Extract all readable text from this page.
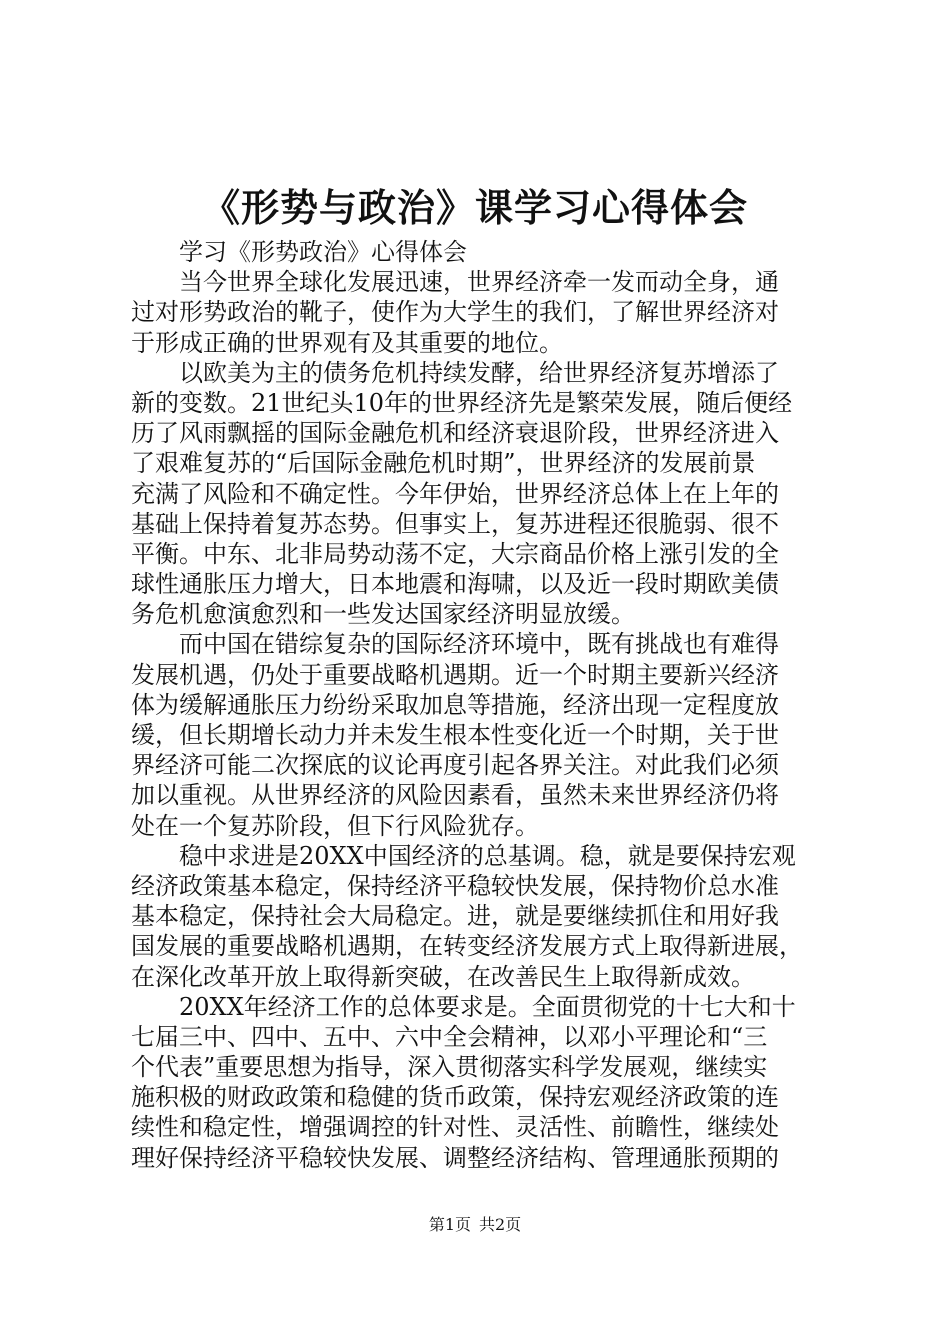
《形势与政治》课学习心得体会
学习《形势政治》心得体会
当今世界全球化发展迅速，世界经济牵一发而动全身，通
过对形势政治的靴子，使作为大学生的我们，了解世界经济对
于形成正确的世界观有及其重要的地位。
以欧美为主的债务危机持续发酵，给世界经济复苏增添了
新的变数。21世纪头10年的世界经济先是繁荣发展，随后便经
历了风雨飘摇的国际金融危机和经济衰退阶段，世界经济进入
了艰难复苏的“后国际金融危机时期”，世界经济的发展前景
充满了风险和不确定性。今年伊始，世界经济总体上在上年的
基础上保持着复苏态势。但事实上，复苏进程还很脆弱、很不
平衡。中东、北非局势动荡不定，大宗商品价格上涨引发的全
球性通胀压力增大，日本地震和海啸，以及近一段时期欧美债
务危机愈演愈烈和一些发达国家经济明显放缓。
而中国在错综复杂的国际经济环境中，既有挑战也有难得
发展机遇，仍处于重要战略机遇期。近一个时期主要新兴经济
体为缓解通胀压力纷纷采取加息等措施，经济出现一定程度放
缓，但长期增长动力并未发生根本性变化近一个时期，关于世
界经济可能二次探底的议论再度引起各界关注。对此我们必须
加以重视。从世界经济的风险因素看，虽然未来世界经济仍将
处在一个复苏阶段，但下行风险犹存。
稳中求进是20XX中国经济的总基调。稳，就是要保持宏观
经济政策基本稳定，保持经济平稳较快发展，保持物价总水准
基本稳定，保持社会大局稳定。进，就是要继续抓住和用好我
国发展的重要战略机遇期，在转变经济发展方式上取得新进展，
在深化改革开放上取得新突破，在改善民生上取得新成效。
20XX年经济工作的总体要求是。全面贯彻党的十七大和十
七届三中、四中、五中、六中全会精神，以邓小平理论和“三
个代表”重要思想为指导，深入贯彻落实科学发展观，继续实
施积极的财政政策和稳健的货币政策，保持宏观经济政策的连
续性和稳定性，增强调控的针对性、灵活性、前瞻性，继续处
理好保持经济平稳较快发展、调整经济结构、管理通胀预期的
第1页 共2页
